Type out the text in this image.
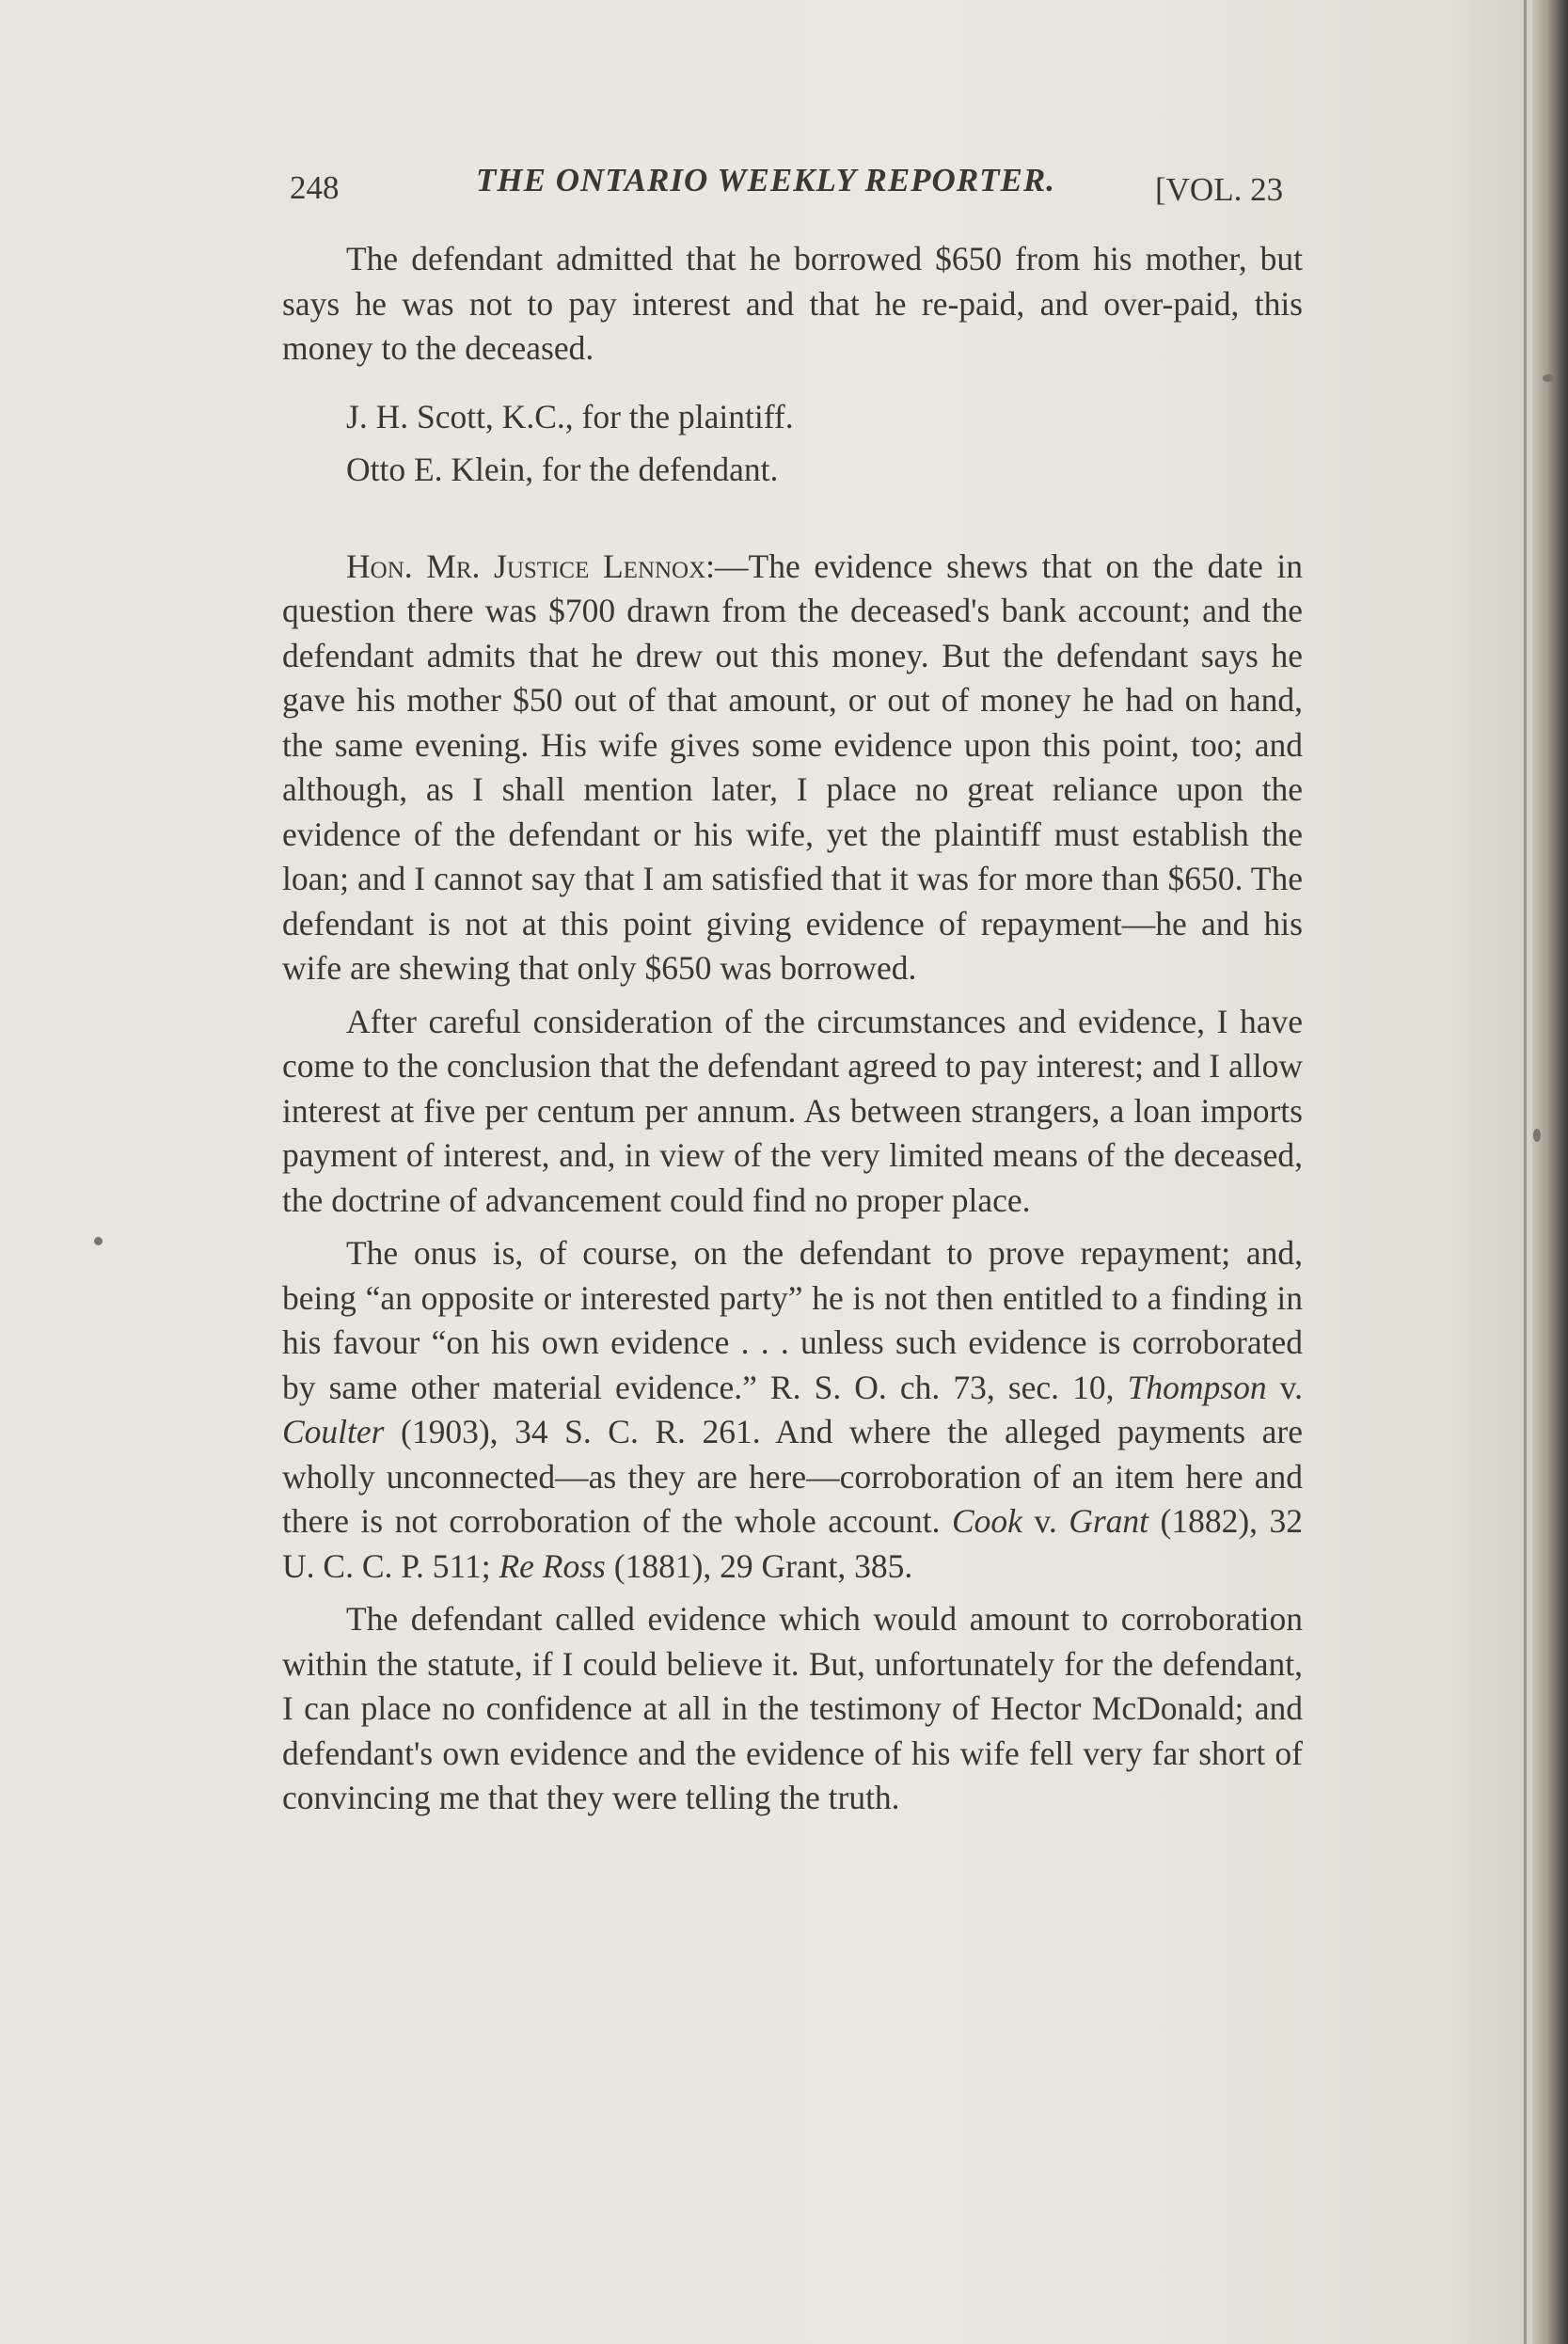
248	THE ONTARIO WEEKLY REPORTER.	[VOL. 23

The defendant admitted that he borrowed $650 from his mother, but says he was not to pay interest and that he re-paid, and over-paid, this money to the deceased.

J. H. Scott, K.C., for the plaintiff.

Otto E. Klein, for the defendant.

Hon. Mr. Justice Lennox:—The evidence shews that on the date in question there was $700 drawn from the deceased's bank account; and the defendant admits that he drew out this money. But the defendant says he gave his mother $50 out of that amount, or out of money he had on hand, the same evening. His wife gives some evidence upon this point, too; and although, as I shall mention later, I place no great reliance upon the evidence of the defendant or his wife, yet the plaintiff must establish the loan; and I cannot say that I am satisfied that it was for more than $650. The defendant is not at this point giving evidence of repayment—he and his wife are shewing that only $650 was borrowed.

After careful consideration of the circumstances and evidence, I have come to the conclusion that the defendant agreed to pay interest; and I allow interest at five per centum per annum. As between strangers, a loan imports payment of interest, and, in view of the very limited means of the deceased, the doctrine of advancement could find no proper place.

The onus is, of course, on the defendant to prove repayment; and, being “an opposite or interested party” he is not then entitled to a finding in his favour “on his own evidence . . . unless such evidence is corroborated by same other material evidence.” R. S. O. ch. 73, sec. 10, Thompson v. Coulter (1903), 34 S. C. R. 261. And where the alleged payments are wholly unconnected—as they are here—corroboration of an item here and there is not corroboration of the whole account. Cook v. Grant (1882), 32 U. C. C. P. 511; Re Ross (1881), 29 Grant, 385.

The defendant called evidence which would amount to corroboration within the statute, if I could believe it. But, unfortunately for the defendant, I can place no confidence at all in the testimony of Hector McDonald; and defendant's own evidence and the evidence of his wife fell very far short of convincing me that they were telling the truth.
